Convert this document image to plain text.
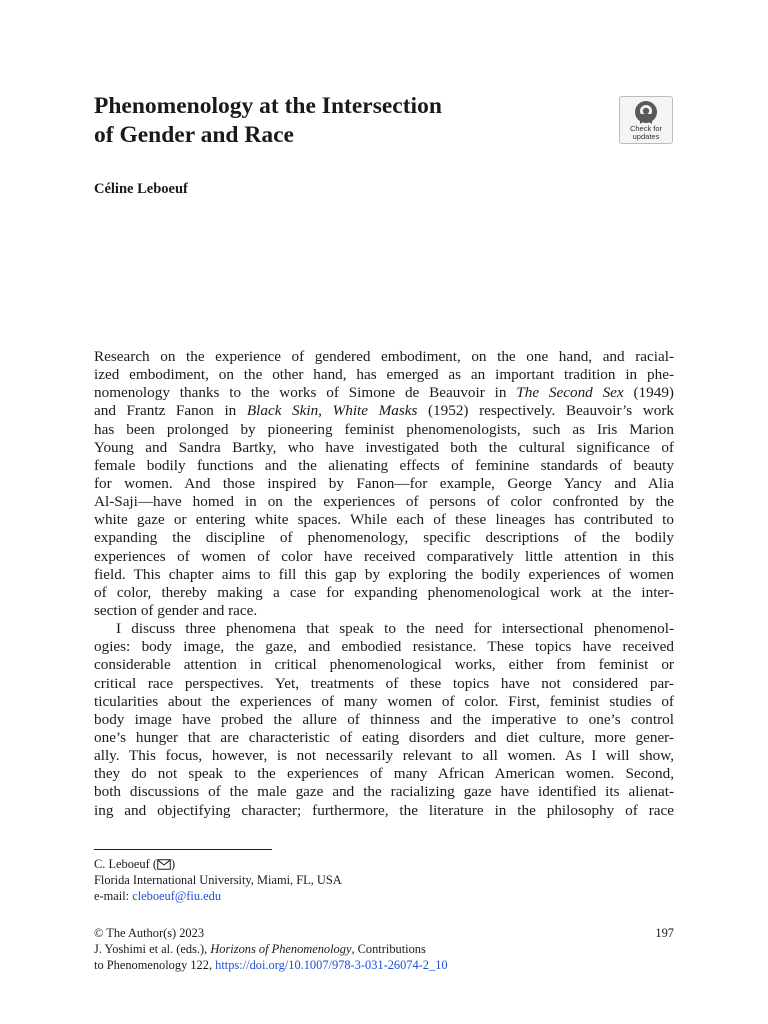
Phenomenology at the Intersection
of Gender and Race	Check for
updates
Céline Leboeuf
Research on the experience of gendered embodiment, on the one hand, and racial-
ized embodiment, on the other hand, has emerged as an important tradition in phe-
nomenology thanks to the works of Simone de Beauvoir in The Second Sex (1949)
and Frantz Fanon in Black Skin, White Masks (1952) respectively. Beauvoir’s work
has been prolonged by pioneering feminist phenomenologists, such as Iris Marion
Young and Sandra Bartky, who have investigated both the cultural significance of
female bodily functions and the alienating effects of feminine standards of beauty
for women. And those inspired by Fanon—for example, George Yancy and Alia
Al-Saji—have homed in on the experiences of persons of color confronted by the
white gaze or entering white spaces. While each of these lineages has contributed to
expanding the discipline of phenomenology, specific descriptions of the bodily
experiences of women of color have received comparatively little attention in this
field. This chapter aims to fill this gap by exploring the bodily experiences of women
of color, thereby making a case for expanding phenomenological work at the inter-
section of gender and race.
I discuss three phenomena that speak to the need for intersectional phenomenol-
ogies: body image, the gaze, and embodied resistance. These topics have received
considerable attention in critical phenomenological works, either from feminist or
critical race perspectives. Yet, treatments of these topics have not considered par-
ticularities about the experiences of many women of color. First, feminist studies of
body image have probed the allure of thinness and the imperative to one’s control
one’s hunger that are characteristic of eating disorders and diet culture, more gener-
ally. This focus, however, is not necessarily relevant to all women. As I will show,
they do not speak to the experiences of many African American women. Second,
both discussions of the male gaze and the racializing gaze have identified its alienat-
ing and objectifying character; furthermore, the literature in the philosophy of race
C. Leboeuf ( )
Florida International University, Miami, FL, USA
e-mail: cleboeuf@fiu.edu
© The Author(s) 2023	197
J. Yoshimi et al. (eds.), Horizons of Phenomenology, Contributions
to Phenomenology 122, https://doi.org/10.1007/978-3-031-26074-2_10
